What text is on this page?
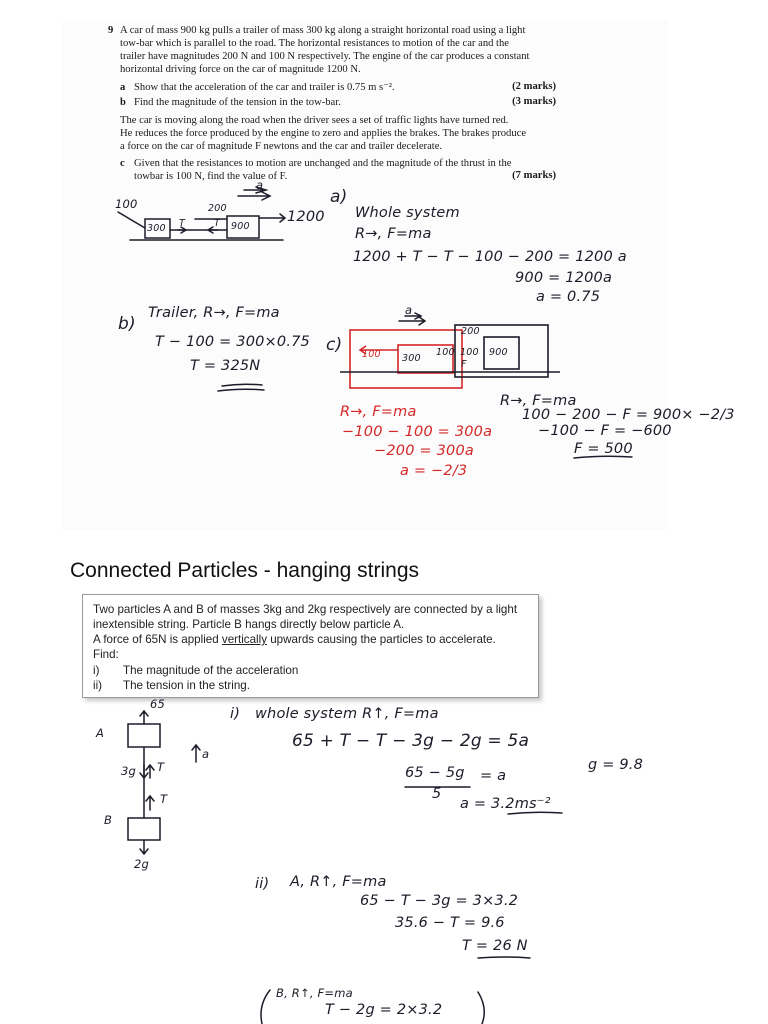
9 A car of mass 900 kg pulls a trailer of mass 300 kg along a straight horizontal road using a light
tow-bar which is parallel to the road. The horizontal resistances to motion of the car and the
trailer have magnitudes 200 N and 100 N respectively. The engine of the car produces a constant
horizontal driving force on the car of magnitude 1200 N.
a Show that the acceleration of the car and trailer is 0.75 m s⁻².	(2 marks)
b Find the magnitude of the tension in the tow-bar.	(3 marks)
The car is moving along the road when the driver sees a set of traffic lights have turned red.
He reduces the force produced by the engine to zero and applies the brakes. The brakes produce
a force on the car of magnitude F newtons and the car and trailer decelerate.
c Given that the resistances to motion are unchanged and the magnitude of the thrust in the
towbar is 100 N, find the value of F.	(7 marks)
100	200
a
1200
300 T	T 900
a)
Whole system
R→, F=ma
1200 + T − T − 100 − 200 = 1200 a
900 = 1200a
a = 0.75
b)
Trailer, R→, F=ma
T − 100 = 300×0.75
T = 325N
c)
a
100 300
100 100
200
F
900
R→, F=ma
−100 − 100 = 300a
−200 = 300a
a = −2/3
R→, F=ma
100 − 200 − F = 900× −2/3
−100 − F = −600
F = 500
Connected Particles - hanging strings
Two particles A and B of masses 3kg and 2kg respectively are connected by a light
inextensible string. Particle B hangs directly below particle A.
A force of 65N is applied vertically upwards causing the particles to accelerate.
Find:
i) The magnitude of the acceleration
ii) The tension in the string.
65
A
B
3g T
T
2g
a
i) whole system R↑, F=ma
65 + T − T − 3g − 2g = 5a
65 − 5g = a
5
a = 3.2ms⁻²
g = 9.8
ii) A, R↑, F=ma
65 − T − 3g = 3×3.2
35.6 − T = 9.6
T = 26 N
B, R↑, F=ma
T − 2g = 2×3.2
